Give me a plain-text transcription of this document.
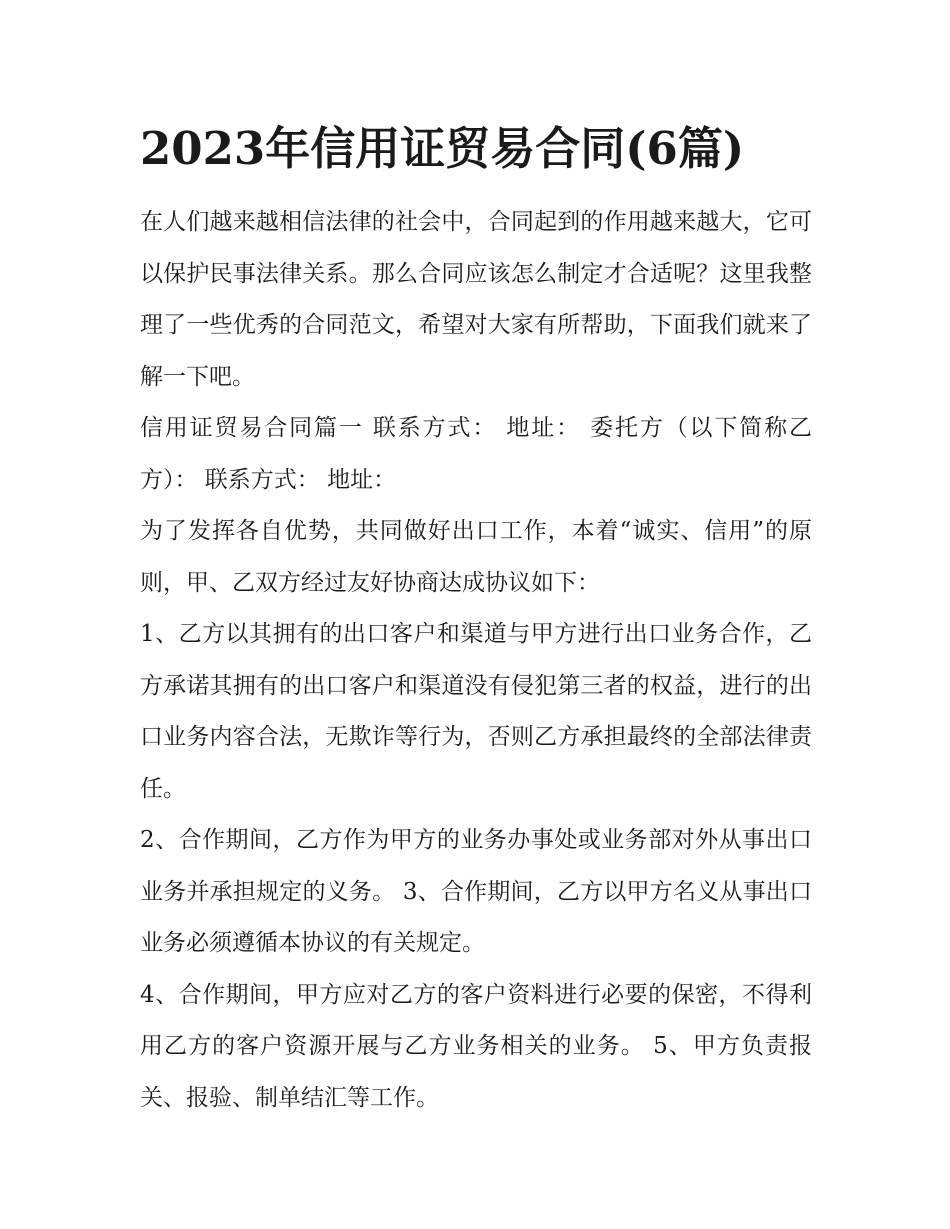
2023年信用证贸易合同(6篇)

在人们越来越相信法律的社会中，合同起到的作用越来越大，它可以保护民事法律关系。那么合同应该怎么制定才合适呢？这里我整理了一些优秀的合同范文，希望对大家有所帮助，下面我们就来了解一下吧。

信用证贸易合同篇一 联系方式： 地址： 委托方（以下简称乙方）： 联系方式： 地址：

为了发挥各自优势，共同做好出口工作，本着“诚实、信用”的原则，甲、乙双方经过友好协商达成协议如下：

1、乙方以其拥有的出口客户和渠道与甲方进行出口业务合作，乙方承诺其拥有的出口客户和渠道没有侵犯第三者的权益，进行的出口业务内容合法，无欺诈等行为，否则乙方承担最终的全部法律责任。

2、合作期间，乙方作为甲方的业务办事处或业务部对外从事出口业务并承担规定的义务。 3、合作期间，乙方以甲方名义从事出口业务必须遵循本协议的有关规定。

4、合作期间，甲方应对乙方的客户资料进行必要的保密，不得利用乙方的客户资源开展与乙方业务相关的业务。 5、甲方负责报关、报验、制单结汇等工作。
